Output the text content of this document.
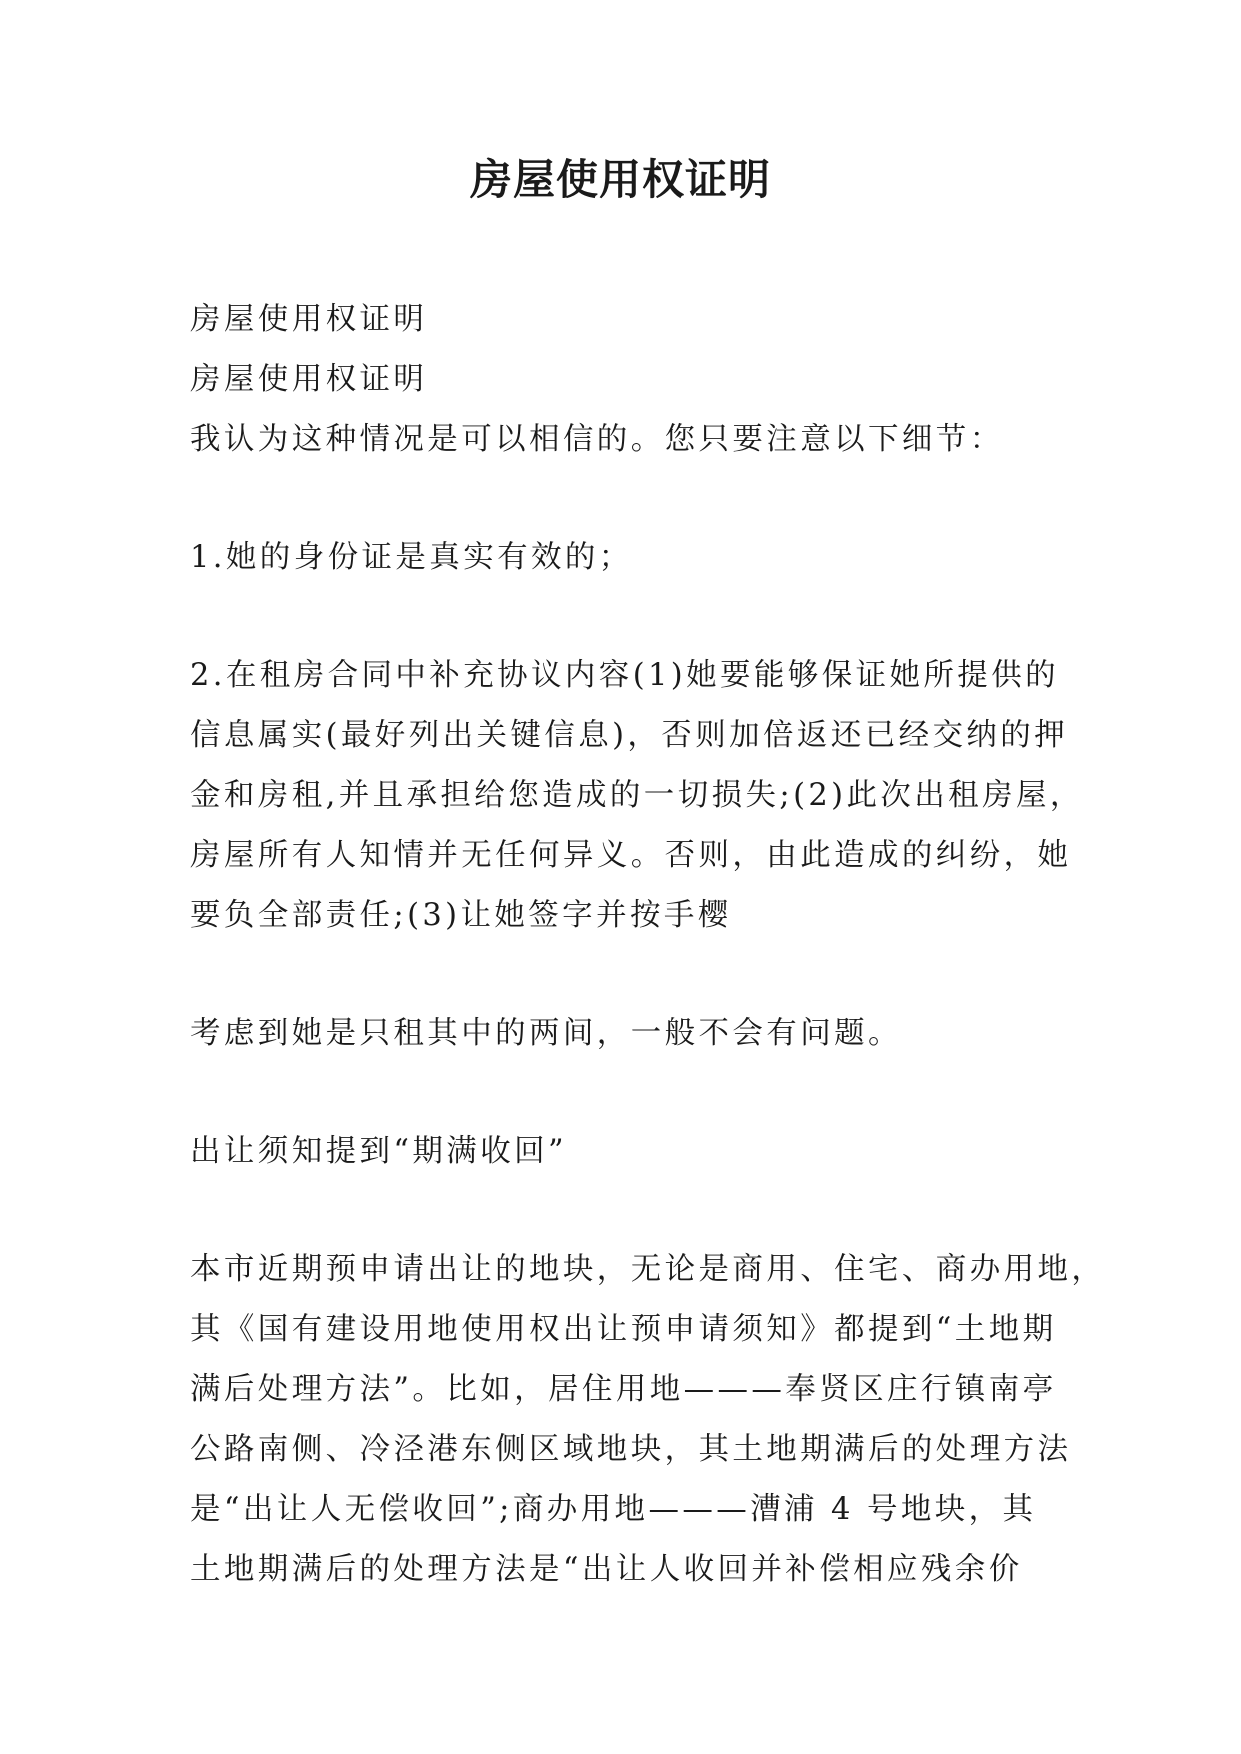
房屋使用权证明
房屋使用权证明
房屋使用权证明
我认为这种情况是可以相信的。您只要注意以下细节：
1.她的身份证是真实有效的；
2.在租房合同中补充协议内容(1)她要能够保证她所提供的
信息属实(最好列出关键信息)，否则加倍返还已经交纳的押
金和房租,并且承担给您造成的一切损失;(2)此次出租房屋，
房屋所有人知情并无任何异义。否则，由此造成的纠纷，她
要负全部责任;(3)让她签字并按手樱
考虑到她是只租其中的两间，一般不会有问题。
出让须知提到“期满收回”
本市近期预申请出让的地块，无论是商用、住宅、商办用地，
其《国有建设用地使用权出让预申请须知》都提到“土地期
满后处理方法”。比如，居住用地———奉贤区庄行镇南亭
公路南侧、冷泾港东侧区域地块，其土地期满后的处理方法
是“出让人无偿收回”;商办用地———漕浦 4 号地块，其
土地期满后的处理方法是“出让人收回并补偿相应残余价
